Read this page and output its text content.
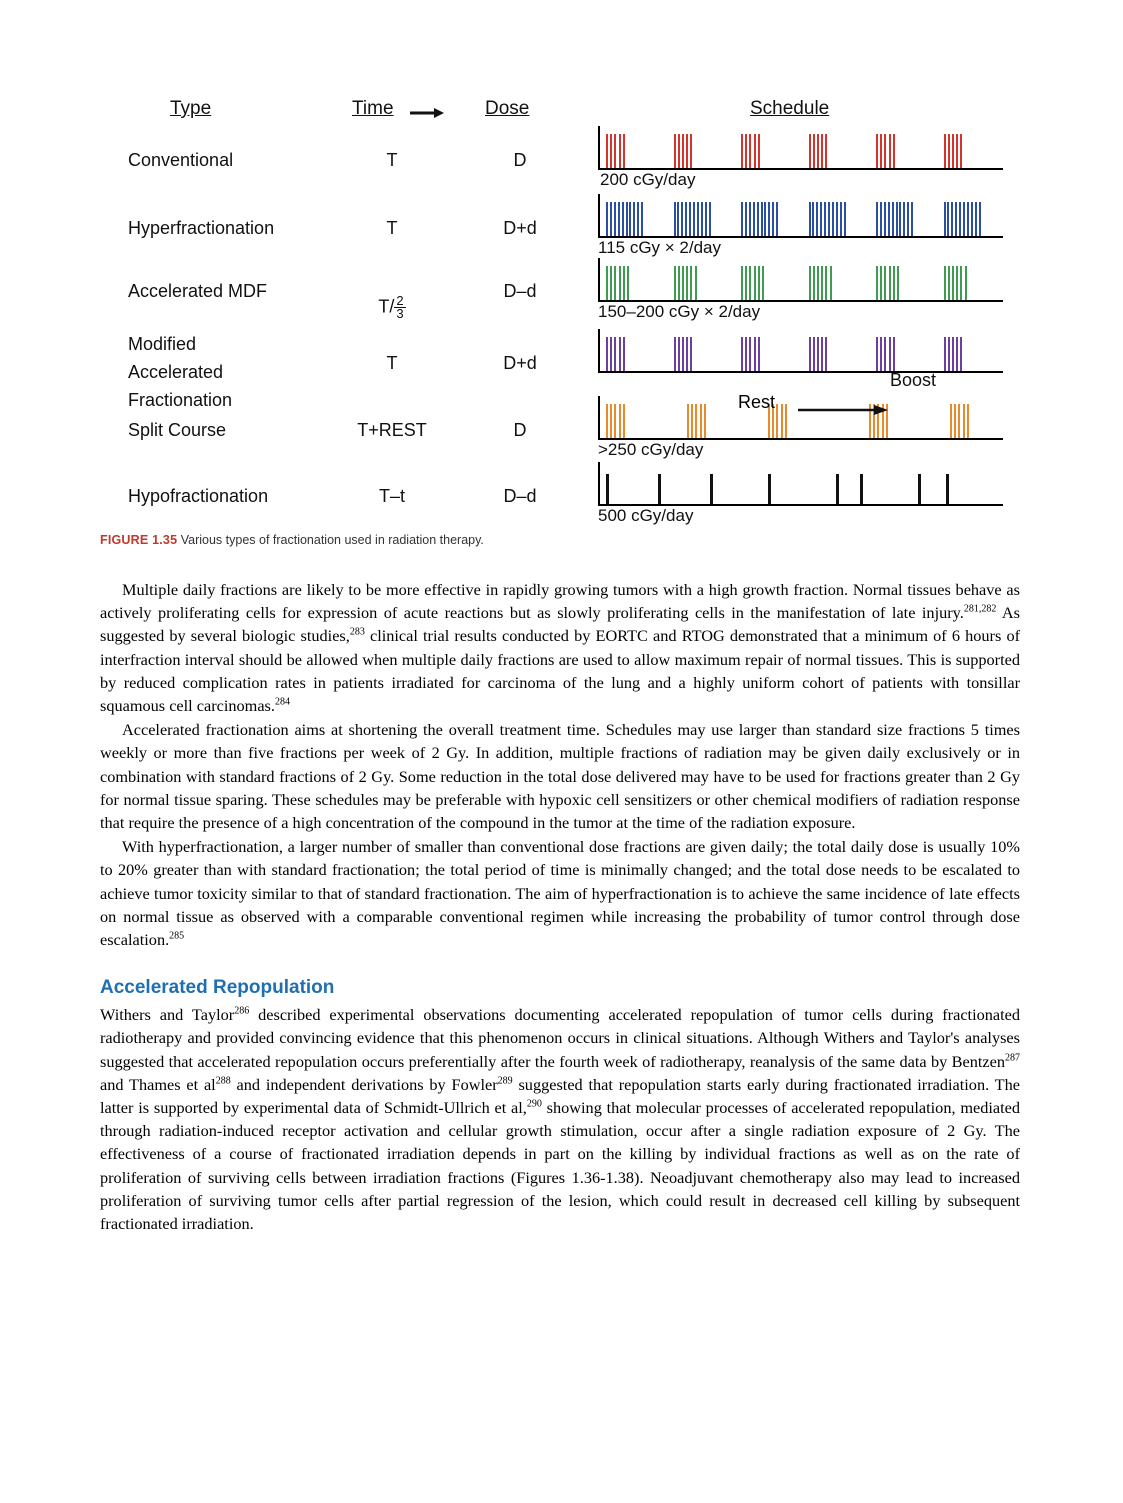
Type	Time	Dose	Schedule
Conventional	T	D
200 cGy/day
Hyperfractionation	T	D+d
115 cGy × 2/day
Accelerated MDF

$T/ \frac{2}{3}$

D–d
150–200 cGy × 2/day
Modified
Accelerated
Fractionation
T	D+d
Boost
Split Course	T+REST	D
Rest
>250 cGy/day
Hypofractionation	T–t	D–d
500 cGy/day
FIGURE 1.35 Various types of fractionation used in radiation therapy.

Multiple daily fractions are likely to be more effective in rapidly growing tumors with a high growth fraction. Normal tissues behave as actively proliferating cells for expression of acute reactions but as slowly proliferating cells in the manifestation of late injury.$^{281,282}$ As suggested by several biologic studies,$^{283}$ clinical trial results conducted by EORTC and RTOG demonstrated that a minimum of 6 hours of interfraction interval should be allowed when multiple daily fractions are used to allow maximum repair of normal tissues. This is supported by reduced complication rates in patients irradiated for carcinoma of the lung and a highly uniform cohort of patients with tonsillar squamous cell carcinomas.$^{284}$

Accelerated fractionation aims at shortening the overall treatment time. Schedules may use larger than standard size fractions 5 times weekly or more than five fractions per week of 2 Gy. In addition, multiple fractions of radiation may be given daily exclusively or in combination with standard fractions of 2 Gy. Some reduction in the total dose delivered may have to be used for fractions greater than 2 Gy for normal tissue sparing. These schedules may be preferable with hypoxic cell sensitizers or other chemical modifiers of radiation response that require the presence of a high concentration of the compound in the tumor at the time of the radiation exposure.

With hyperfractionation, a larger number of smaller than conventional dose fractions are given daily; the total daily dose is usually 10% to 20% greater than with standard fractionation; the total period of time is minimally changed; and the total dose needs to be escalated to achieve tumor toxicity similar to that of standard fractionation. The aim of hyperfractionation is to achieve the same incidence of late effects on normal tissue as observed with a comparable conventional regimen while increasing the probability of tumor control through dose escalation.$^{285}$

Accelerated Repopulation

Withers and Taylor$^{286}$ described experimental observations documenting accelerated repopulation of tumor cells during fractionated radiotherapy and provided convincing evidence that this phenomenon occurs in clinical situations. Although Withers and Taylor's analyses suggested that accelerated repopulation occurs preferentially after the fourth week of radiotherapy, reanalysis of the same data by Bentzen$^{287}$ and Thames et $al^{288}$ and independent derivations by Fowler$^{289}$ suggested that repopulation starts early during fractionated irradiation. The latter is supported by experimental data of Schmidt-Ullrich et al,$^{290}$ showing that molecular processes of accelerated repopulation, mediated through radiation-induced receptor activation and cellular growth stimulation, occur after a single radiation exposure of 2 Gy. The effectiveness of a course of fractionated irradiation depends in part on the killing by individual fractions as well as on the rate of proliferation of surviving cells between irradiation fractions (Figures 1.36-1.38). Neoadjuvant chemotherapy also may lead to increased proliferation of surviving tumor cells after partial regression of the lesion, which could result in decreased cell killing by subsequent fractionated irradiation.
